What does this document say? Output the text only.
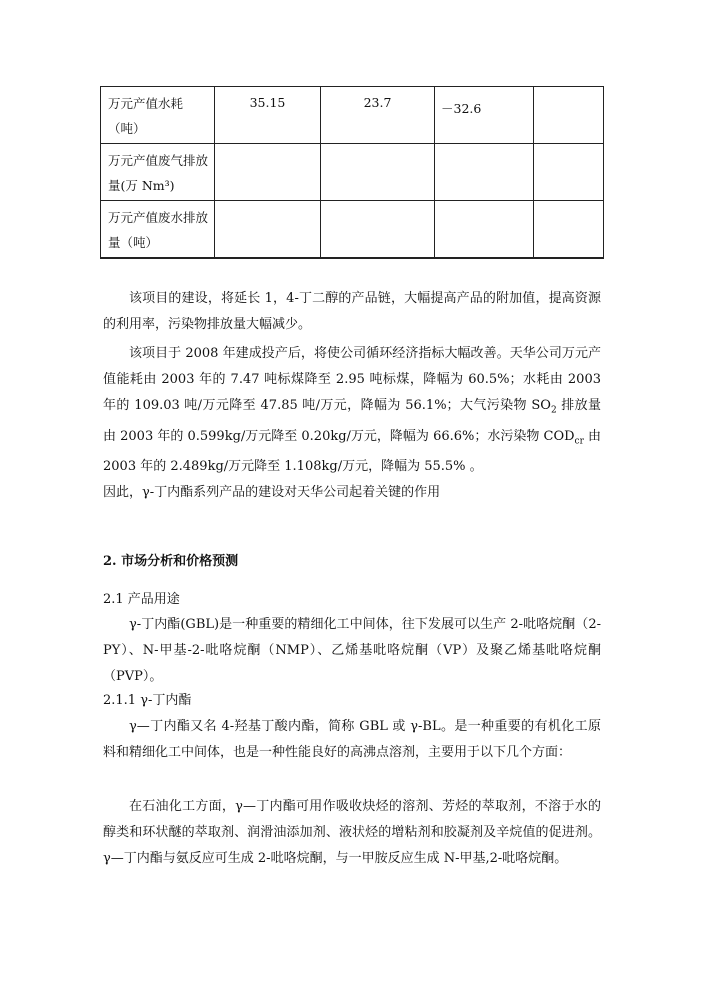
万元产值水耗（吨）	35.15	23.7	－32.6	
万元产值废气排放量(万 Nm³)				
万元产值废水排放量（吨）				

该项目的建设，将延长 1，4-丁二醇的产品链，大幅提高产品的附加值，提高资源的利用率，污染物排放量大幅减少。

该项目于 2008 年建成投产后，将使公司循环经济指标大幅改善。天华公司万元产值能耗由 2003 年的 7.47 吨标煤降至 2.95 吨标煤，降幅为 60.5%；水耗由 2003 年的 109.03 吨/万元降至 47.85 吨/万元，降幅为 56.1%；大气污染物 $SO_2$ 排放量由 2003 年的 0.599kg/万元降至 0.20kg/万元，降幅为 66.6%；水污染物 $COD_{cr}$ 由 2003 年的 2.489kg/万元降至 1.108kg/万元，降幅为 55.5% 。

因此，γ-丁内酯系列产品的建设对天华公司起着关键的作用

2. 市场分析和价格预测

2.1 产品用途

γ-丁内酯(GBL)是一种重要的精细化工中间体，往下发展可以生产 2-吡咯烷酮（2-PY）、N-甲基-2-吡咯烷酮（NMP）、乙烯基吡咯烷酮（VP）及聚乙烯基吡咯烷酮（PVP）。

2.1.1 γ-丁内酯

γ—丁内酯又名 4-羟基丁酸内酯，简称 GBL 或 γ-BL。是一种重要的有机化工原料和精细化工中间体，也是一种性能良好的高沸点溶剂，主要用于以下几个方面：

在石油化工方面，γ—丁内酯可用作吸收炔烃的溶剂、芳烃的萃取剂，不溶于水的醇类和环状醚的萃取剂、润滑油添加剂、液状烃的增粘剂和胶凝剂及辛烷值的促进剂。γ—丁内酯与氨反应可生成 2-吡咯烷酮，与一甲胺反应生成 N-甲基,2-吡咯烷酮。
